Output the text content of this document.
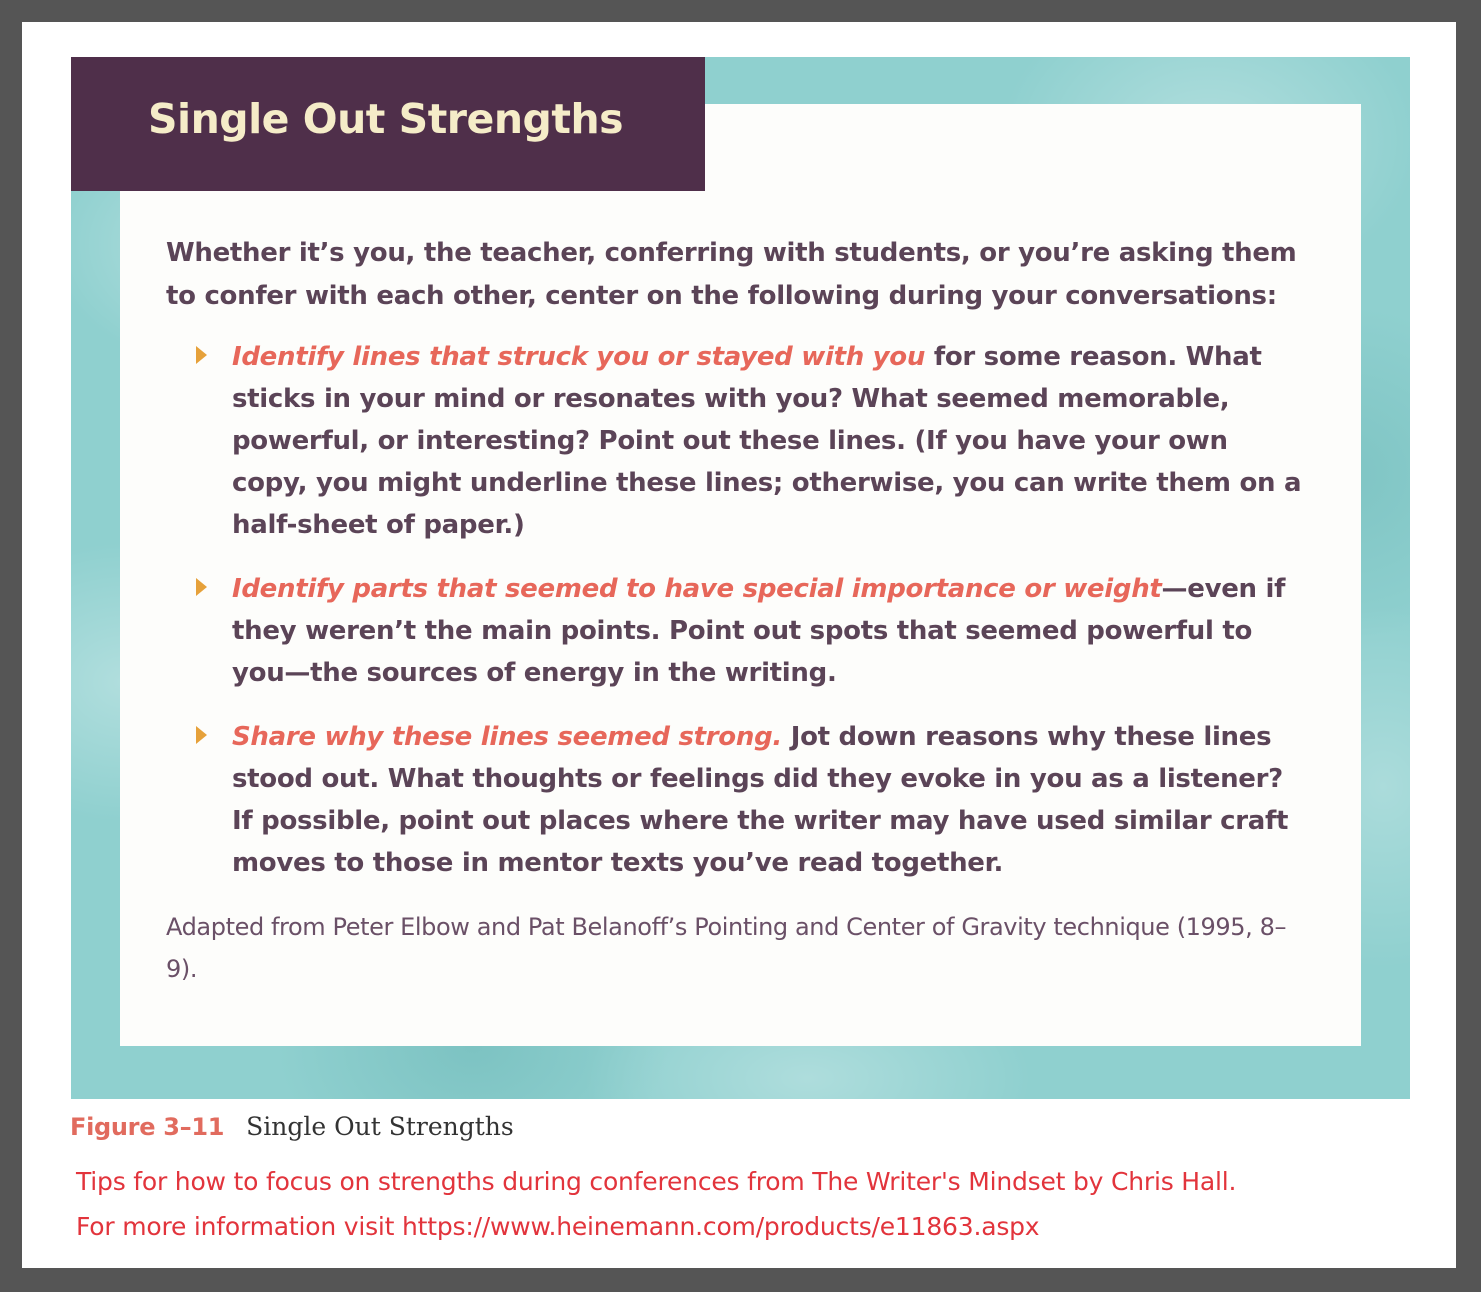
Single Out Strengths

Whether it’s you, the teacher, conferring with students, or you’re asking them to confer with each other, center on the following during your conversations:

Identify lines that struck you or stayed with you for some reason. What sticks in your mind or resonates with you? What seemed memorable, powerful, or interesting? Point out these lines. (If you have your own copy, you might underline these lines; otherwise, you can write them on a half-sheet of paper.)
Identify parts that seemed to have special importance or weight—even if they weren’t the main points. Point out spots that seemed powerful to you—the sources of energy in the writing.
Share why these lines seemed strong. Jot down reasons why these lines stood out. What thoughts or feelings did they evoke in you as a listener? If possible, point out places where the writer may have used similar craft moves to those in mentor texts you’ve read together.

Adapted from Peter Elbow and Pat Belanoff’s Pointing and Center of Gravity technique (1995, 8–9).

Figure 3–11 Single Out Strengths

Tips for how to focus on strengths during conferences from The Writer's Mindset by Chris Hall.

For more information visit https://www.heinemann.com/products/e11863.aspx
